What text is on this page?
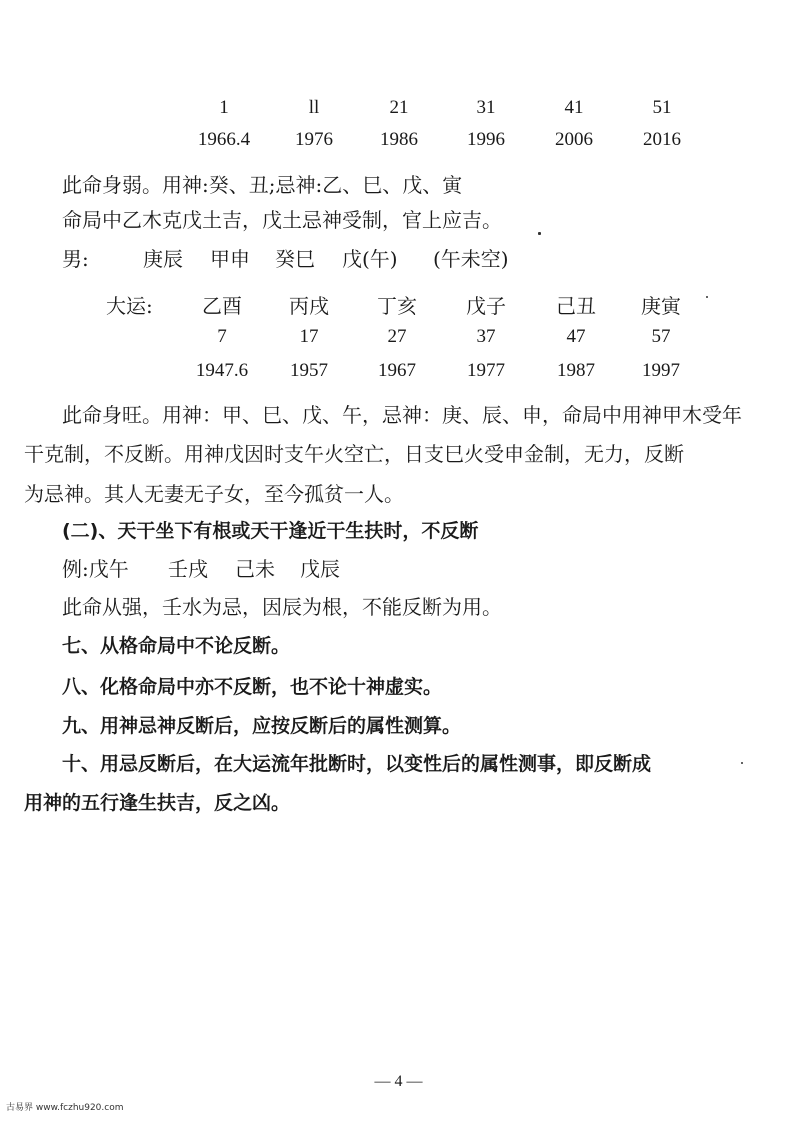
1	ll	21	31	41	51
1966.4	1976	1986	1996	2006	2016
此命身弱。用神:癸、丑;忌神:乙、巳、戊、寅
命局中乙木克戊土吉，戊土忌神受制，官上应吉。
男:	庚辰 甲申 癸巳 戊(午) (午未空)
大运:	乙酉	丙戌	丁亥	戊子	己丑	庚寅
7	17	27	37	47	57
1947.6	1957	1967	1977	1987	1997
此命身旺。用神：甲、巳、戊、午，忌神：庚、辰、申，命局中用神甲木受年
干克制，不反断。用神戊因时支午火空亡，日支巳火受申金制，无力，反断
为忌神。其人无妻无子女，至今孤贫一人。
(二)、天干坐下有根或天干逢近干生扶时，不反断
例:戊午 壬戌 己未 戊辰
此命从强，壬水为忌，因辰为根，不能反断为用。
七、从格命局中不论反断。
八、化格命局中亦不反断，也不论十神虚实。
九、用神忌神反断后，应按反断后的属性测算。
十、用忌反断后，在大运流年批断时，以变性后的属性测事，即反断成
用神的五行逢生扶吉，反之凶。
— 4 —
古易界 www.fczhu920.com
